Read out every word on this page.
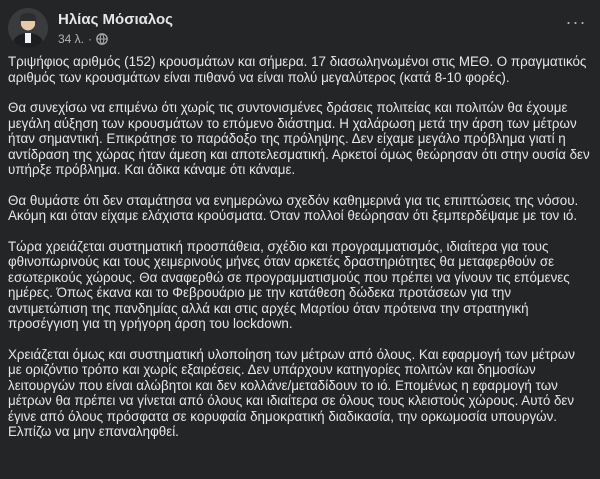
Ηλίας Μόσιαλος
34 λ. ·
···

Τριψήφιος αριθμός (152) κρουσμάτων και σήμερα. 17 διασωληνωμένοι στις ΜΕΘ. Ο πραγματικός αριθμός των κρουσμάτων είναι πιθανό να είναι πολύ μεγαλύτερος (κατά 8-10 φορές).

Θα συνεχίσω να επιμένω ότι χωρίς τις συντονισμένες δράσεις πολιτείας και πολιτών θα έχουμε μεγάλη αύξηση των κρουσμάτων το επόμενο διάστημα. Η χαλάρωση μετά την άρση των μέτρων ήταν σημαντική. Επικράτησε το παράδοξο της πρόληψης. Δεν είχαμε μεγάλο πρόβλημα γιατί η αντίδραση της χώρας ήταν άμεση και αποτελεσματική. Αρκετοί όμως θεώρησαν ότι στην ουσία δεν υπήρξε πρόβλημα. Και άδικα κάναμε ότι κάναμε.

Θα θυμάστε ότι δεν σταμάτησα να ενημερώνω σχεδόν καθημερινά για τις επιπτώσεις της νόσου. Ακόμη και όταν είχαμε ελάχιστα κρούσματα. Όταν πολλοί θεώρησαν ότι ξεμπερδέψαμε με τον ιό.

Τώρα χρειάζεται συστηματική προσπάθεια, σχέδιο και προγραμματισμός, ιδιαίτερα για τους φθινοπωρινούς και τους χειμερινούς μήνες όταν αρκετές δραστηριότητες θα μεταφερθούν σε εσωτερικούς χώρους. Θα αναφερθώ σε προγραμματισμούς που πρέπει να γίνουν τις επόμενες ημέρες. Όπως έκανα και το Φεβρουάριο με την κατάθεση δώδεκα προτάσεων για την αντιμετώπιση της πανδημίας αλλά και στις αρχές Μαρτίου όταν πρότεινα την στρατηγική προσέγγιση για τη γρήγορη άρση του lockdown.

Χρειάζεται όμως και συστηματική υλοποίηση των μέτρων από όλους. Και εφαρμογή των μέτρων με οριζόντιο τρόπο και χωρίς εξαιρέσεις. Δεν υπάρχουν κατηγορίες πολιτών και δημοσίων λειτουργών που είναι αλώβητοι και δεν κολλάνε/μεταδίδουν το ιό. Επομένως η εφαρμογή των μέτρων θα πρέπει να γίνεται από όλους και ιδιαίτερα σε όλους τους κλειστούς χώρους. Αυτό δεν έγινε από όλους πρόσφατα σε κορυφαία δημοκρατική διαδικασία, την ορκωμοσία υπουργών. Ελπίζω να μην επαναληφθεί.
